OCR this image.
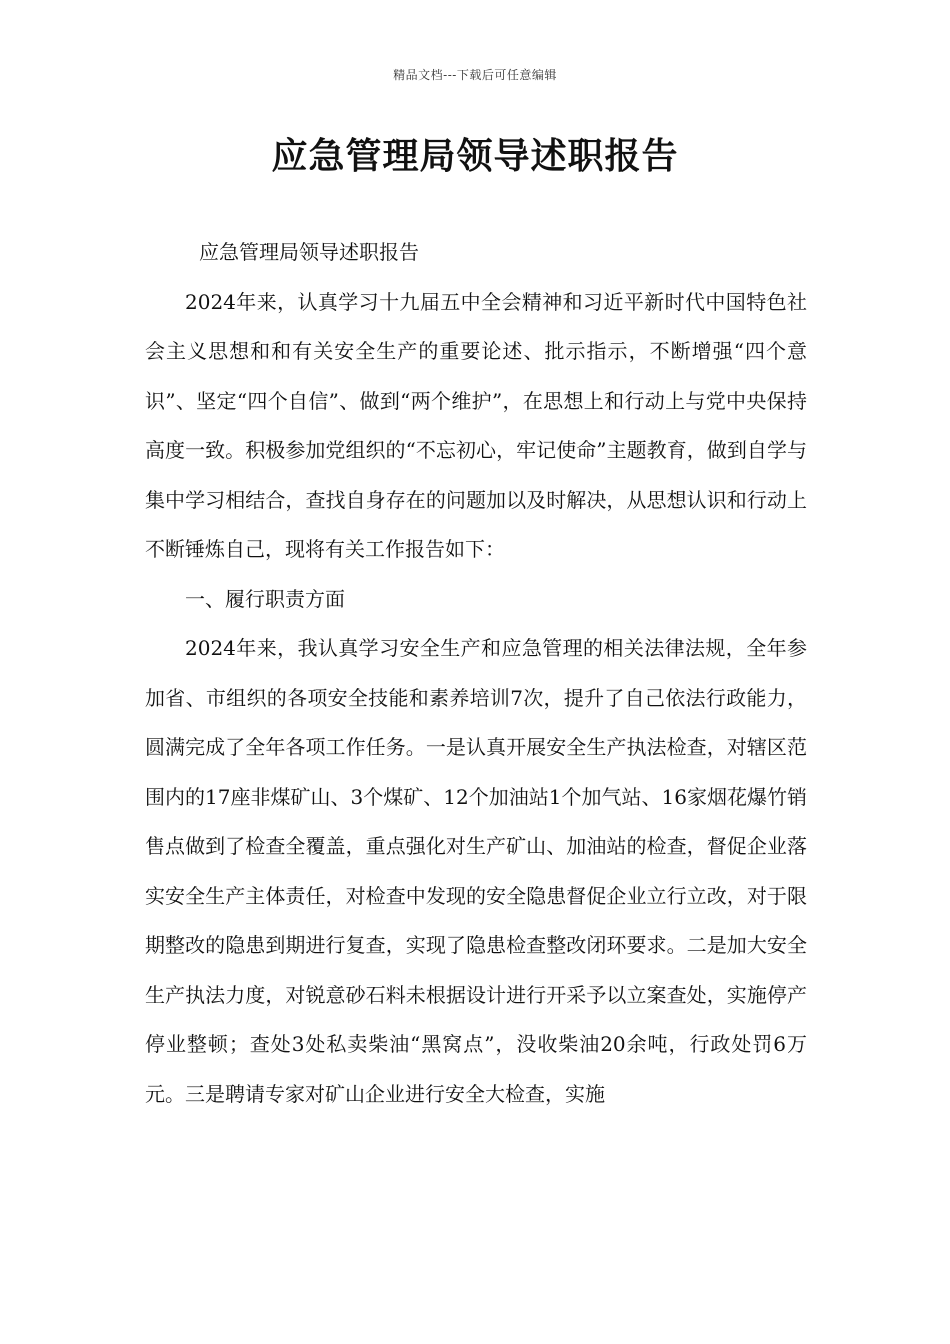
精品文档---下载后可任意编辑
应急管理局领导述职报告

应急管理局领导述职报告

2024年来，认真学习十九届五中全会精神和习近平新时代中国特色社会主义思想和和有关安全生产的重要论述、批示指示，不断增强“四个意识”、坚定“四个自信”、做到“两个维护”，在思想上和行动上与党中央保持高度一致。积极参加党组织的“不忘初心，牢记使命”主题教育，做到自学与集中学习相结合，查找自身存在的问题加以及时解决，从思想认识和行动上不断锤炼自己，现将有关工作报告如下：

一、履行职责方面

2024年来，我认真学习安全生产和应急管理的相关法律法规，全年参加省、市组织的各项安全技能和素养培训7次，提升了自己依法行政能力，圆满完成了全年各项工作任务。一是认真开展安全生产执法检查，对辖区范围内的17座非煤矿山、3个煤矿、12个加油站1个加气站、16家烟花爆竹销售点做到了检查全覆盖，重点强化对生产矿山、加油站的检查，督促企业落实安全生产主体责任，对检查中发现的安全隐患督促企业立行立改，对于限期整改的隐患到期进行复查，实现了隐患检查整改闭环要求。二是加大安全生产执法力度，对锐意砂石料未根据设计进行开采予以立案查处，实施停产停业整顿；查处3处私卖柴油“黑窝点”，没收柴油20余吨，行政处罚6万元。三是聘请专家对矿山企业进行安全大检查，实施
